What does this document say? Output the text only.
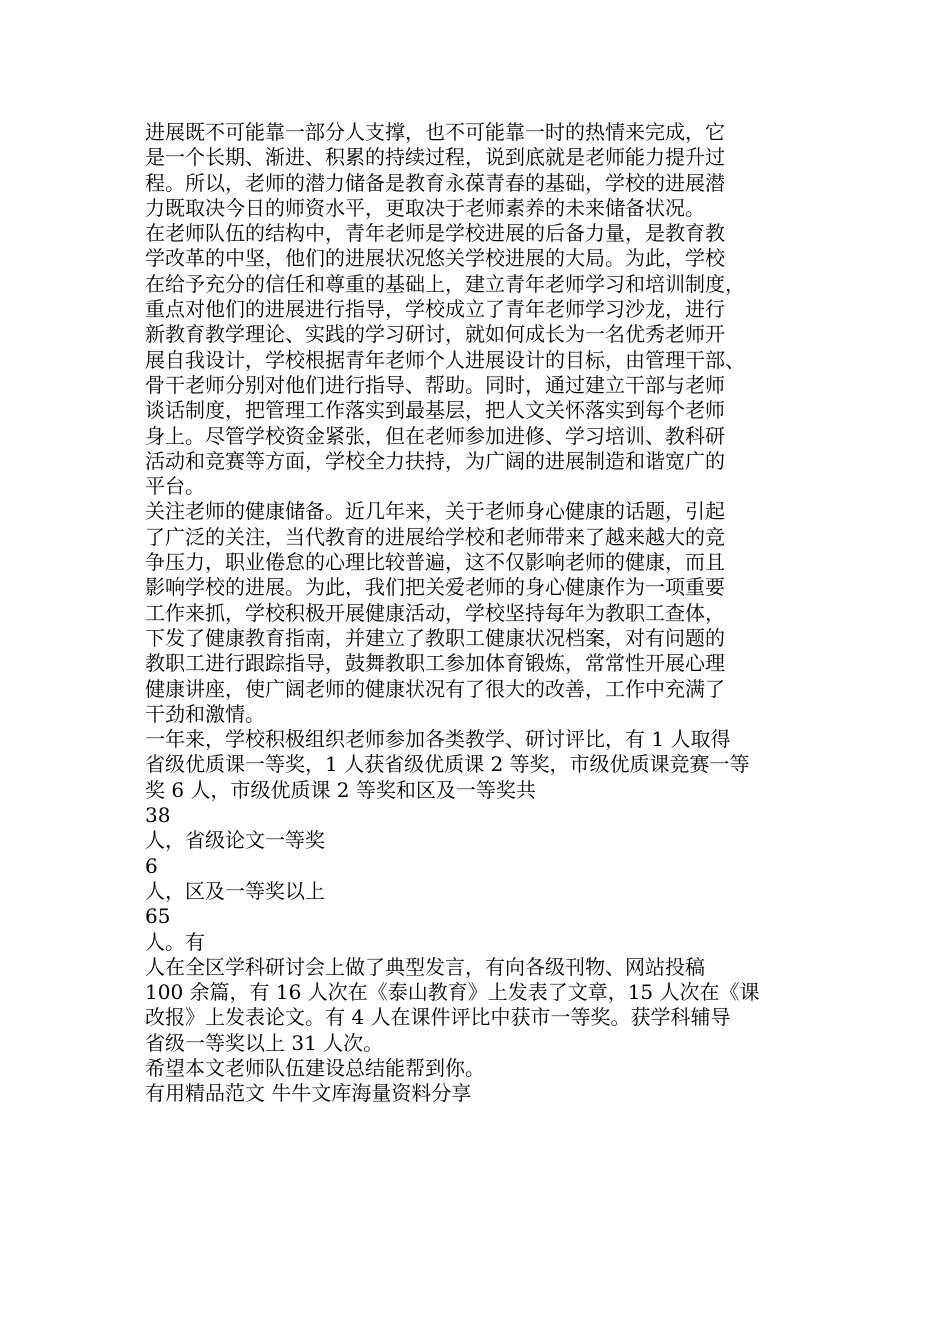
进展既不可能靠一部分人支撑，也不可能靠一时的热情来完成，它
是一个长期、渐进、积累的持续过程，说到底就是老师能力提升过
程。所以，老师的潜力储备是教育永葆青春的基础，学校的进展潜
力既取决今日的师资水平，更取决于老师素养的未来储备状况。
在老师队伍的结构中，青年老师是学校进展的后备力量，是教育教
学改革的中坚，他们的进展状况悠关学校进展的大局。为此，学校
在给予充分的信任和尊重的基础上，建立青年老师学习和培训制度，
重点对他们的进展进行指导，学校成立了青年老师学习沙龙，进行
新教育教学理论、实践的学习研讨，就如何成长为一名优秀老师开
展自我设计，学校根据青年老师个人进展设计的目标，由管理干部、
骨干老师分别对他们进行指导、帮助。同时，通过建立干部与老师
谈话制度，把管理工作落实到最基层，把人文关怀落实到每个老师
身上。尽管学校资金紧张，但在老师参加进修、学习培训、教科研
活动和竞赛等方面，学校全力扶持，为广阔的进展制造和谐宽广的
平台。
关注老师的健康储备。近几年来，关于老师身心健康的话题，引起
了广泛的关注，当代教育的进展给学校和老师带来了越来越大的竞
争压力，职业倦怠的心理比较普遍，这不仅影响老师的健康，而且
影响学校的进展。为此，我们把关爱老师的身心健康作为一项重要
工作来抓，学校积极开展健康活动，学校坚持每年为教职工查体，
下发了健康教育指南，并建立了教职工健康状况档案，对有问题的
教职工进行跟踪指导，鼓舞教职工参加体育锻炼，常常性开展心理
健康讲座，使广阔老师的健康状况有了很大的改善，工作中充满了
干劲和激情。
一年来，学校积极组织老师参加各类教学、研讨评比，有 1 人取得
省级优质课一等奖，1 人获省级优质课 2 等奖，市级优质课竞赛一等
奖 6 人，市级优质课 2 等奖和区及一等奖共
38
人，省级论文一等奖
6
人，区及一等奖以上
65
人。有
人在全区学科研讨会上做了典型发言，有向各级刊物、网站投稿
100 余篇，有 16 人次在《泰山教育》上发表了文章，15 人次在《课
改报》上发表论文。有 4 人在课件评比中获市一等奖。获学科辅导
省级一等奖以上 31 人次。
希望本文老师队伍建设总结能帮到你。
有用精品范文 牛牛文库海量资料分享
